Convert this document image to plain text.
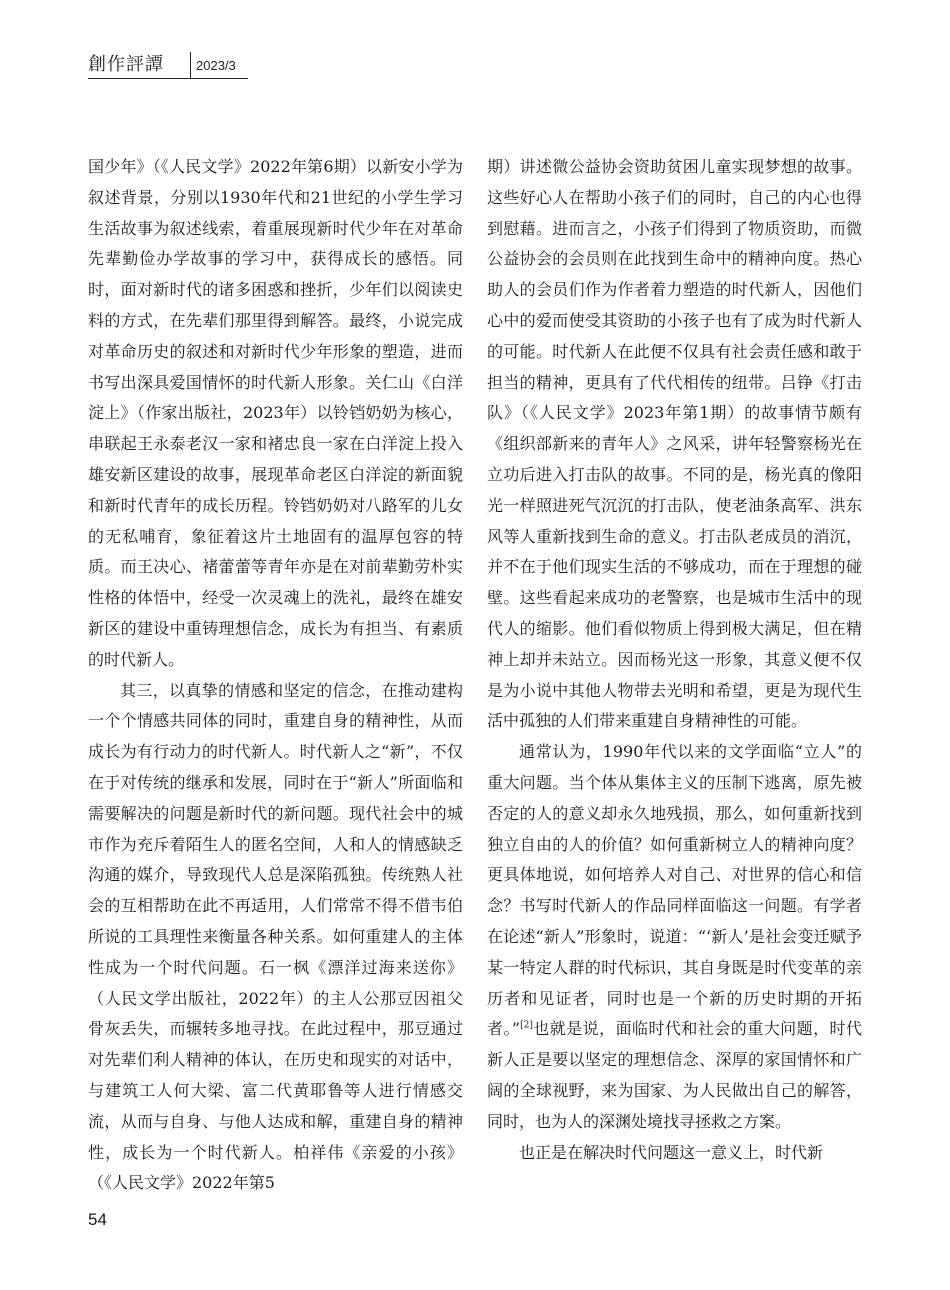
創作評譚 2023/3

国少年》（《人民文学》2022年第6期）以新安小学为叙述背景，分别以1930年代和21世纪的小学生学习生活故事为叙述线索，着重展现新时代少年在对革命先辈勤俭办学故事的学习中，获得成长的感悟。同时，面对新时代的诸多困惑和挫折，少年们以阅读史料的方式，在先辈们那里得到解答。最终，小说完成对革命历史的叙述和对新时代少年形象的塑造，进而书写出深具爱国情怀的时代新人形象。关仁山《白洋淀上》（作家出版社，2023年）以铃铛奶奶为核心，串联起王永泰老汉一家和褚忠良一家在白洋淀上投入雄安新区建设的故事，展现革命老区白洋淀的新面貌和新时代青年的成长历程。铃铛奶奶对八路军的儿女的无私哺育，象征着这片土地固有的温厚包容的特质。而王决心、褚蕾蕾等青年亦是在对前辈勤劳朴实性格的体悟中，经受一次灵魂上的洗礼，最终在雄安新区的建设中重铸理想信念，成长为有担当、有素质的时代新人。

其三，以真挚的情感和坚定的信念，在推动建构一个个情感共同体的同时，重建自身的精神性，从而成长为有行动力的时代新人。时代新人之“新”，不仅在于对传统的继承和发展，同时在于“新人”所面临和需要解决的问题是新时代的新问题。现代社会中的城市作为充斥着陌生人的匿名空间，人和人的情感缺乏沟通的媒介，导致现代人总是深陷孤独。传统熟人社会的互相帮助在此不再适用，人们常常不得不借韦伯所说的工具理性来衡量各种关系。如何重建人的主体性成为一个时代问题。石一枫《漂洋过海来送你》（人民文学出版社，2022年）的主人公那豆因祖父骨灰丢失，而辗转多地寻找。在此过程中，那豆通过对先辈们利人精神的体认，在历史和现实的对话中，与建筑工人何大梁、富二代黄耶鲁等人进行情感交流，从而与自身、与他人达成和解，重建自身的精神性，成长为一个时代新人。柏祥伟《亲爱的小孩》（《人民文学》2022年第5

期）讲述微公益协会资助贫困儿童实现梦想的故事。这些好心人在帮助小孩子们的同时，自己的内心也得到慰藉。进而言之，小孩子们得到了物质资助，而微公益协会的会员则在此找到生命中的精神向度。热心助人的会员们作为作者着力塑造的时代新人，因他们心中的爱而使受其资助的小孩子也有了成为时代新人的可能。时代新人在此便不仅具有社会责任感和敢于担当的精神，更具有了代代相传的纽带。吕铮《打击队》（《人民文学》2023年第1期）的故事情节颇有《组织部新来的青年人》之风采，讲年轻警察杨光在立功后进入打击队的故事。不同的是，杨光真的像阳光一样照进死气沉沉的打击队，使老油条高军、洪东风等人重新找到生命的意义。打击队老成员的消沉，并不在于他们现实生活的不够成功，而在于理想的碰壁。这些看起来成功的老警察，也是城市生活中的现代人的缩影。他们看似物质上得到极大满足，但在精神上却并未站立。因而杨光这一形象，其意义便不仅是为小说中其他人物带去光明和希望，更是为现代生活中孤独的人们带来重建自身精神性的可能。

通常认为，1990年代以来的文学面临“立人”的重大问题。当个体从集体主义的压制下逃离，原先被否定的人的意义却永久地残损，那么，如何重新找到独立自由的人的价值？如何重新树立人的精神向度？更具体地说，如何培养人对自己、对世界的信心和信念？书写时代新人的作品同样面临这一问题。有学者在论述“新人”形象时，说道：“‘新人’是社会变迁赋予某一特定人群的时代标识，其自身既是时代变革的亲历者和见证者，同时也是一个新的历史时期的开拓者。”[2]也就是说，面临时代和社会的重大问题，时代新人正是要以坚定的理想信念、深厚的家国情怀和广阔的全球视野，来为国家、为人民做出自己的解答，同时，也为人的深渊处境找寻拯救之方案。

也正是在解决时代问题这一意义上，时代新

54
